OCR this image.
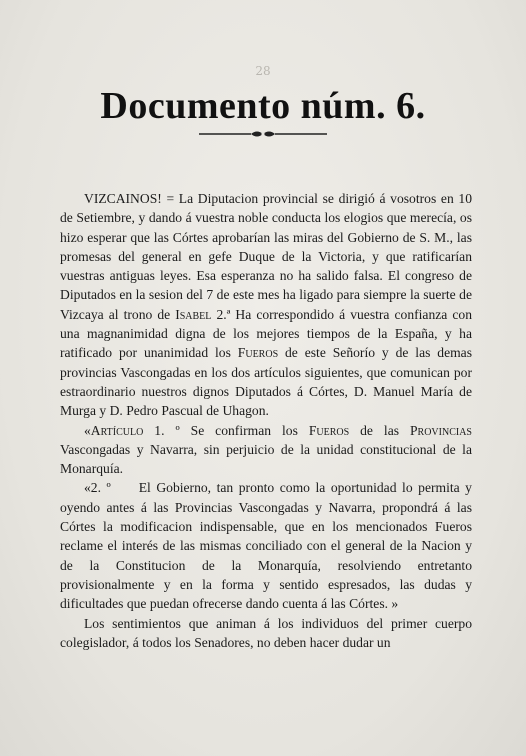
28
Documento núm. 6.

VIZCAINOS! = La Diputacion provincial se dirigió á vosotros en 10 de Setiembre, y dando á vuestra noble conducta los elogios que merecía, os hizo esperar que las Córtes aprobarían las miras del Gobierno de S. M., las promesas del general en gefe Duque de la Victoria, y que ratificarían vuestras antiguas leyes. Esa esperanza no ha salido falsa. El congreso de Diputados en la sesion del 7 de este mes ha ligado para siempre la suerte de Vizcaya al trono de Isabel 2.ª Ha correspondido á vuestra confianza con una magnanimidad digna de los mejores tiempos de la España, y ha ratificado por unanimidad los Fueros de este Señorío y de las demas provincias Vascongadas en los dos artículos siguientes, que comunican por estraordinario nuestros dignos Diputados á Córtes, D. Manuel María de Murga y D. Pedro Pascual de Uhagon.

«Artículo 1. º Se confirman los Fueros de las Provincias Vascongadas y Navarra, sin perjuicio de la unidad constitucional de la Monarquía.

«2. º El Gobierno, tan pronto como la oportunidad lo permita y oyendo antes á las Provincias Vascongadas y Navarra, propondrá á las Córtes la modificacion indispensable, que en los mencionados Fueros reclame el interés de las mismas conciliado con el general de la Nacion y de la Constitucion de la Monarquía, resolviendo entretanto provisionalmente y en la forma y sentido espresados, las dudas y dificultades que puedan ofrecerse dando cuenta á las Córtes. »

Los sentimientos que animan á los individuos del primer cuerpo colegislador, á todos los Senadores, no deben hacer dudar un
